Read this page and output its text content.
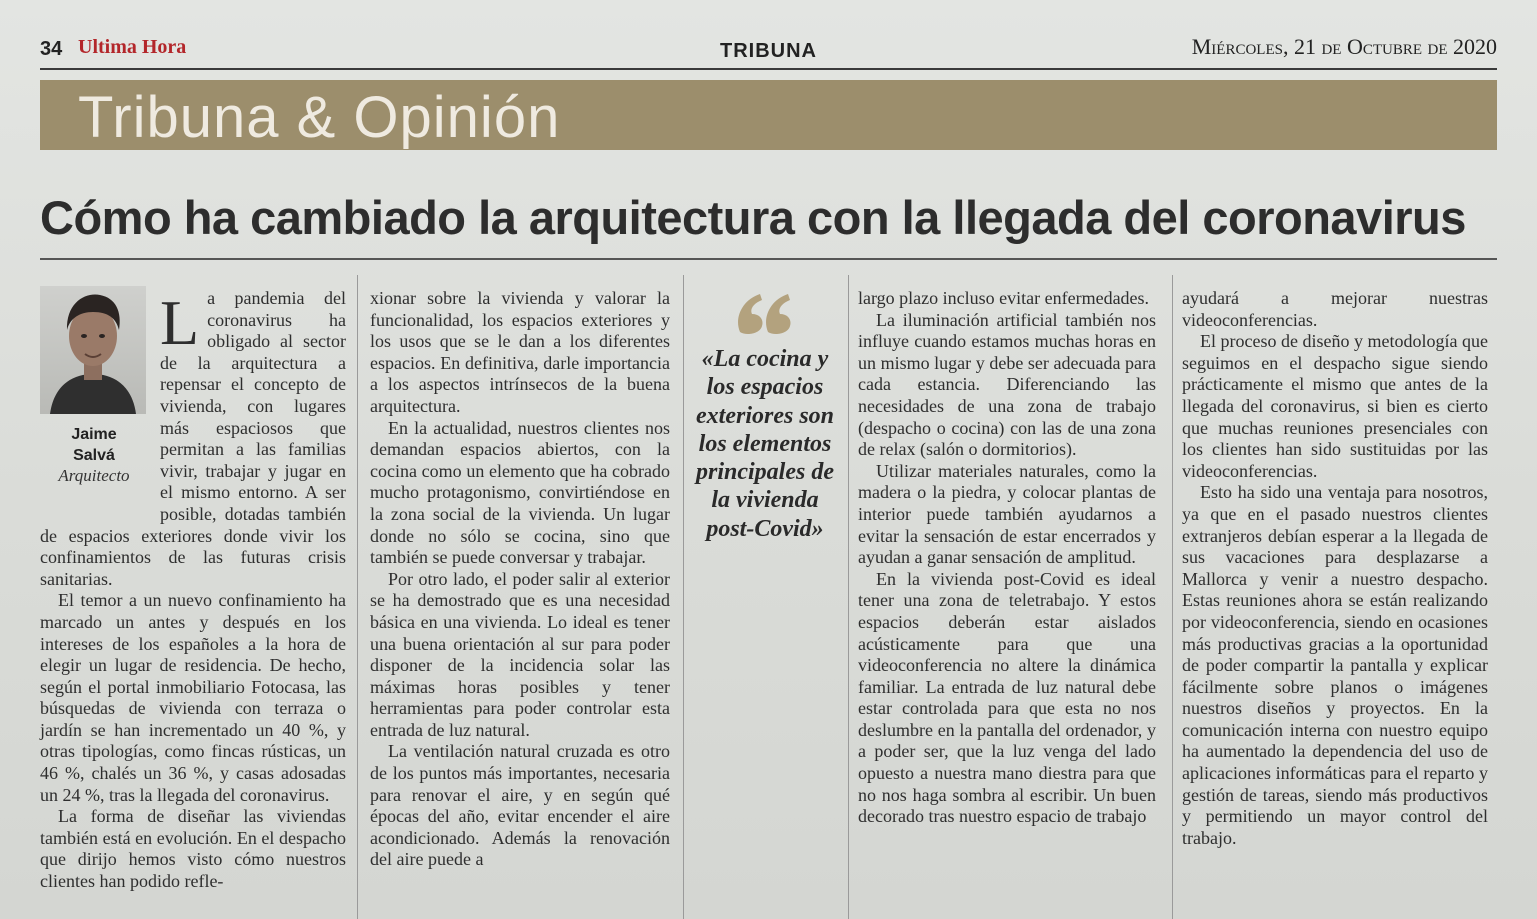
34 Ultima Hora	TRIBUNA	Miércoles, 21 de Octubre de 2020
Tribuna & Opinión
Cómo ha cambiado la arquitectura con la llegada del coronavirus
Jaime
Salvá
Arquitecto

La pandemia del coronavirus ha obligado al sector de la arquitectura a repensar el concepto de vivienda, con lugares más espaciosos que permitan a las familias vivir, trabajar y jugar en el mismo entorno. A ser posible, dotadas también de espacios exteriores donde vivir los confinamientos de las futuras crisis sanitarias.

El temor a un nuevo confinamiento ha marcado un antes y después en los intereses de los españoles a la hora de elegir un lugar de residencia. De hecho, según el portal inmobiliario Fotocasa, las búsquedas de vivienda con terraza o jardín se han incrementado un 40 %, y otras tipologías, como fincas rústicas, un 46 %, chalés un 36 %, y casas adosadas un 24 %, tras la llegada del coronavirus.

La forma de diseñar las viviendas también está en evolución. En el despacho que dirijo hemos visto cómo nuestros clientes han podido refle-

xionar sobre la vivienda y valorar la funcionalidad, los espacios exteriores y los usos que se le dan a los diferentes espacios. En definitiva, darle importancia a los aspectos intrínsecos de la buena arquitectura.

En la actualidad, nuestros clientes nos demandan espacios abiertos, con la cocina como un elemento que ha cobrado mucho protagonismo, convirtiéndose en la zona social de la vivienda. Un lugar donde no sólo se cocina, sino que también se puede conversar y trabajar.

Por otro lado, el poder salir al exterior se ha demostrado que es una necesidad básica en una vivienda. Lo ideal es tener una buena orientación al sur para poder disponer de la incidencia solar las máximas horas posibles y tener herramientas para poder controlar esta entrada de luz natural.

La ventilación natural cruzada es otro de los puntos más importantes, necesaria para renovar el aire, y en según qué épocas del año, evitar encender el aire acondicionado. Además la renovación del aire puede a

«La cocina y los espacios exteriores son los elementos principales de la vivienda post-Covid»

largo plazo incluso evitar enfermedades.

La iluminación artificial también nos influye cuando estamos muchas horas en un mismo lugar y debe ser adecuada para cada estancia. Diferenciando las necesidades de una zona de trabajo (despacho o cocina) con las de una zona de relax (salón o dormitorios).

Utilizar materiales naturales, como la madera o la piedra, y colocar plantas de interior puede también ayudarnos a evitar la sensación de estar encerrados y ayudan a ganar sensación de amplitud.

En la vivienda post-Covid es ideal tener una zona de teletrabajo. Y estos espacios deberán estar aislados acústicamente para que una videoconferencia no altere la dinámica familiar. La entrada de luz natural debe estar controlada para que esta no nos deslumbre en la pantalla del ordenador, y a poder ser, que la luz venga del lado opuesto a nuestra mano diestra para que no nos haga sombra al escribir. Un buen decorado tras nuestro espacio de trabajo

ayudará a mejorar nuestras videoconferencias.

El proceso de diseño y metodología que seguimos en el despacho sigue siendo prácticamente el mismo que antes de la llegada del coronavirus, si bien es cierto que muchas reuniones presenciales con los clientes han sido sustituidas por las videoconferencias.

Esto ha sido una ventaja para nosotros, ya que en el pasado nuestros clientes extranjeros debían esperar a la llegada de sus vacaciones para desplazarse a Mallorca y venir a nuestro despacho. Estas reuniones ahora se están realizando por videoconferencia, siendo en ocasiones más productivas gracias a la oportunidad de poder compartir la pantalla y explicar fácilmente sobre planos o imágenes nuestros diseños y proyectos. En la comunicación interna con nuestro equipo ha aumentado la dependencia del uso de aplicaciones informáticas para el reparto y gestión de tareas, siendo más productivos y permitiendo un mayor control del trabajo.
